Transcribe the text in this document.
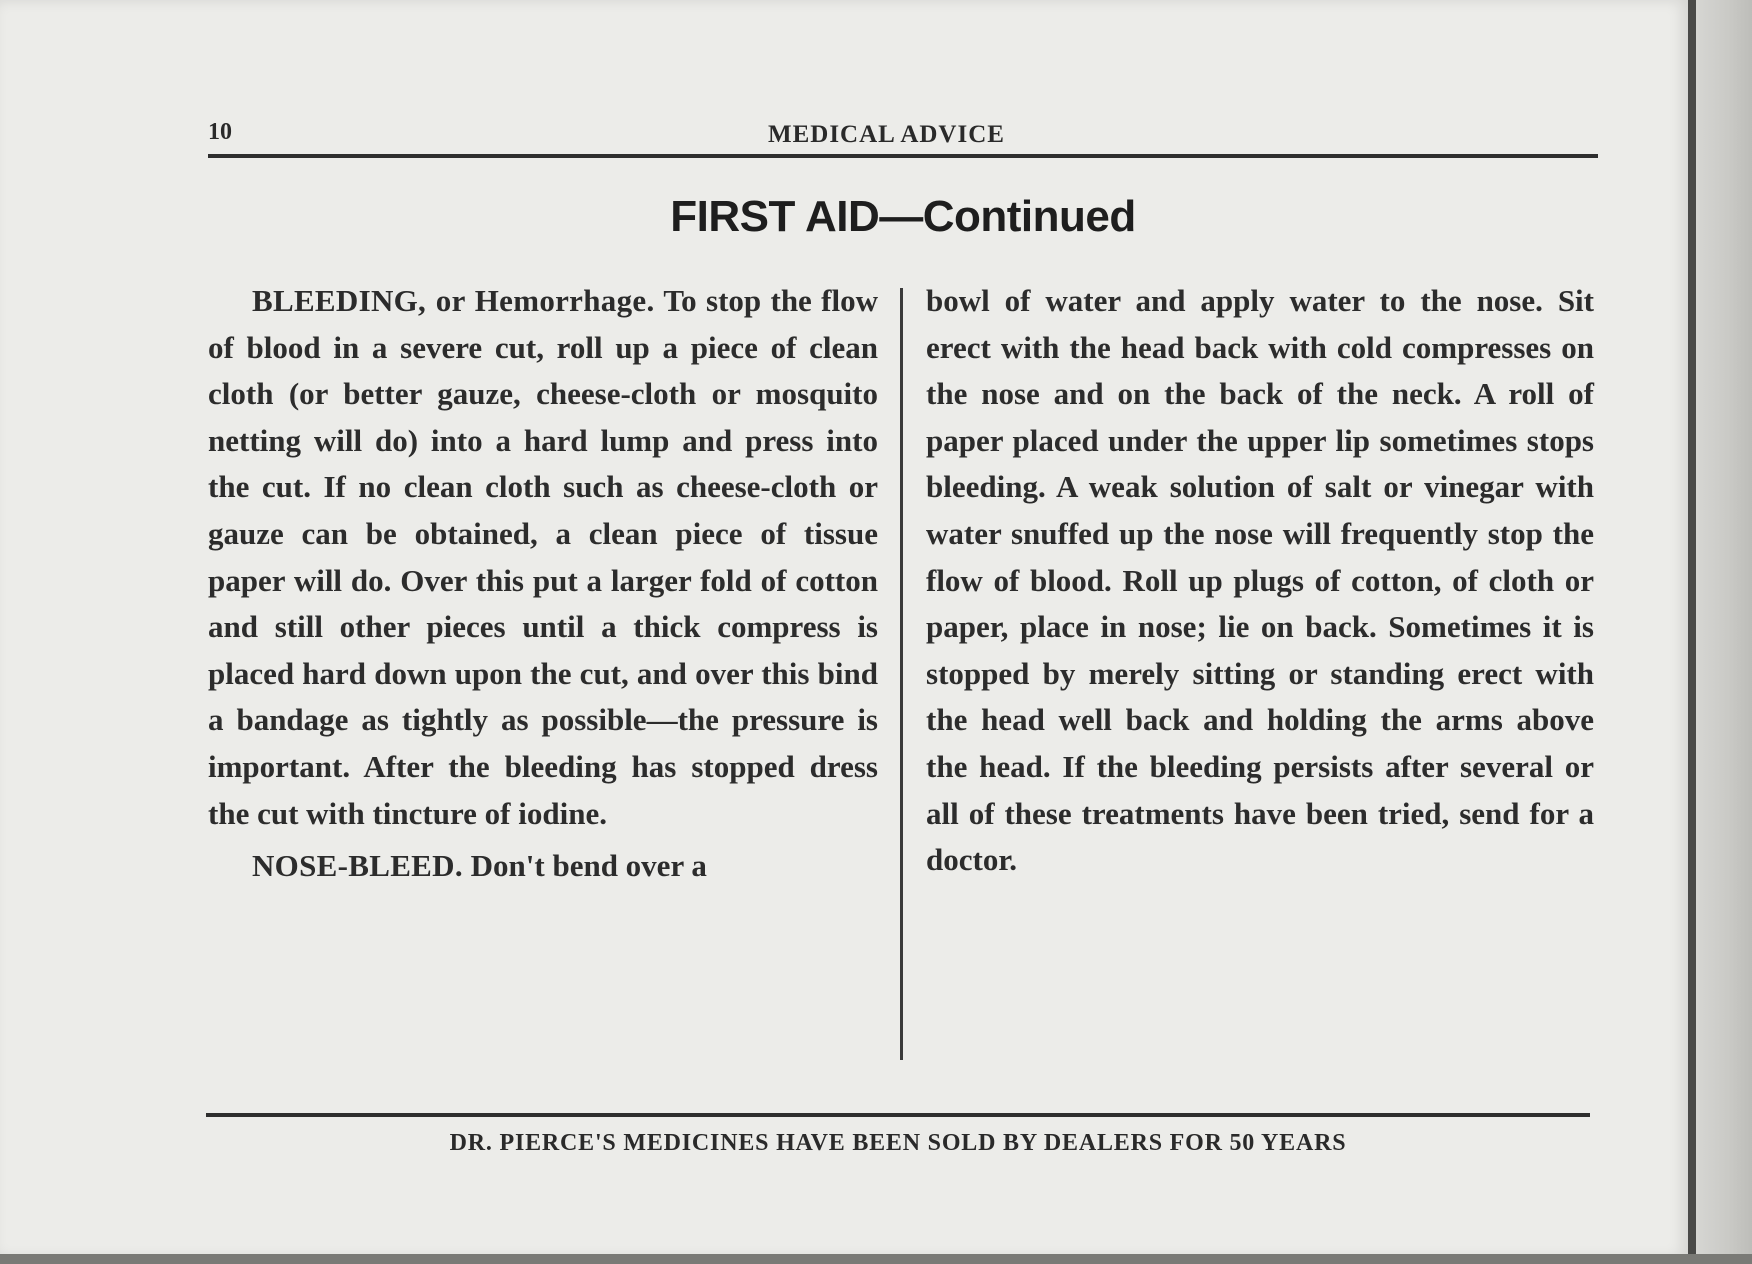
10	MEDICAL ADVICE
FIRST AID—Continued

BLEEDING, or Hemorrhage. To stop the flow of blood in a severe cut, roll up a piece of clean cloth (or better gauze, cheese-cloth or mosquito netting will do) into a hard lump and press into the cut. If no clean cloth such as cheese-cloth or gauze can be obtained, a clean piece of tissue paper will do. Over this put a larger fold of cotton and still other pieces until a thick compress is placed hard down upon the cut, and over this bind a bandage as tightly as possible—the pressure is important. After the bleeding has stopped dress the cut with tincture of iodine.

NOSE-BLEED. Don't bend over a

bowl of water and apply water to the nose. Sit erect with the head back with cold compresses on the nose and on the back of the neck. A roll of paper placed under the upper lip sometimes stops bleeding. A weak solution of salt or vinegar with water snuffed up the nose will frequently stop the flow of blood. Roll up plugs of cotton, of cloth or paper, place in nose; lie on back. Sometimes it is stopped by merely sitting or standing erect with the head well back and holding the arms above the head. If the bleeding persists after several or all of these treatments have been tried, send for a doctor.

DR. PIERCE'S MEDICINES HAVE BEEN SOLD BY DEALERS FOR 50 YEARS
